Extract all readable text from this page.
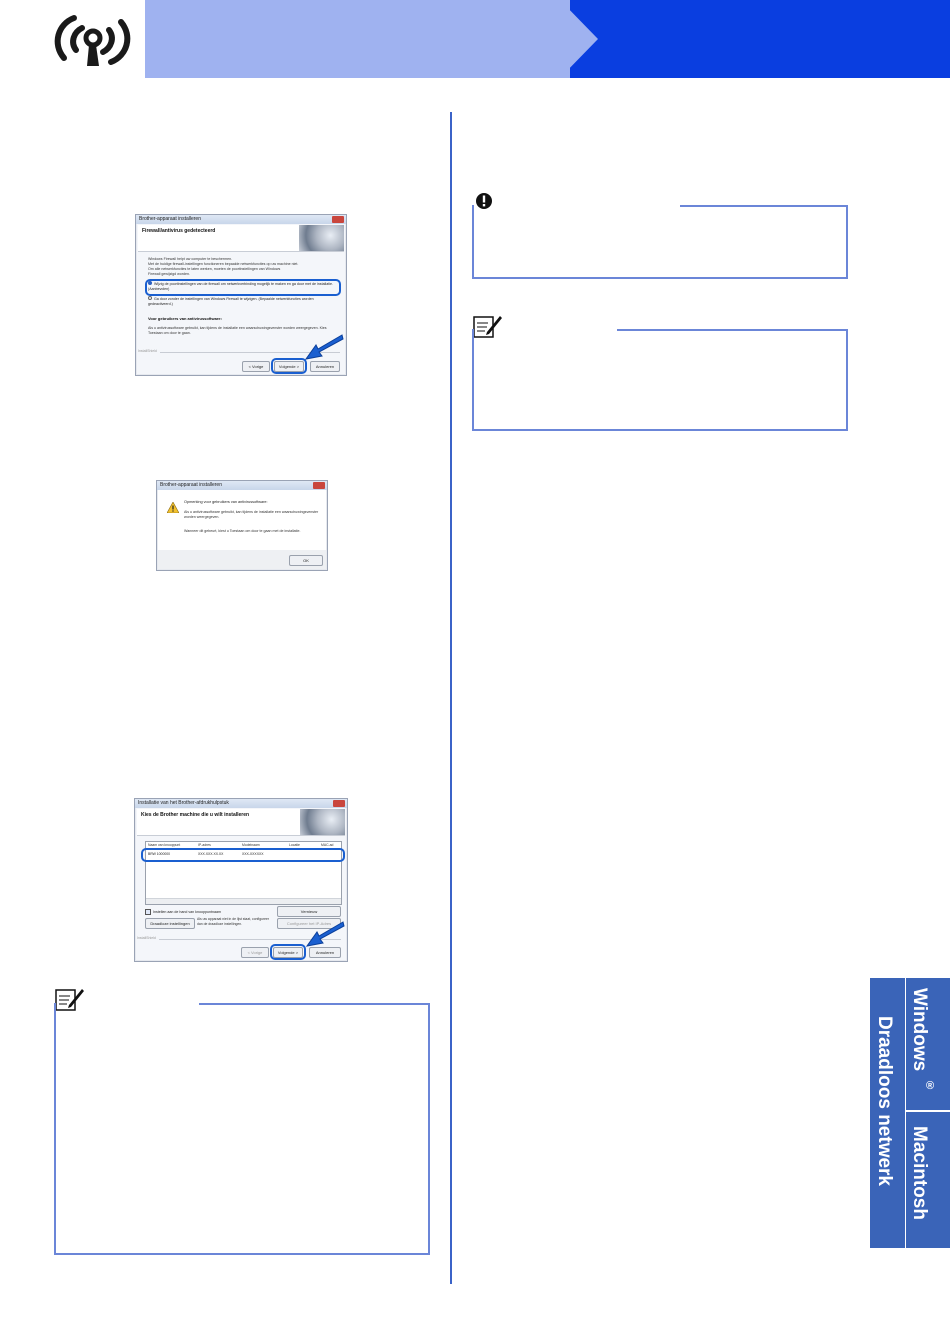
Brother-apparaat installeren
Firewall/antivirus gedetecteerd
Windows Firewall helpt uw computer te beschermen.
Met de huidige firewall-instellingen functioneren bepaalde netwerkfuncties op uw machine niet.
Om alle netwerkfuncties te laten werken, moeten de poortinstellingen van Windows
Firewall gewijzigd worden.
Wijzig de poortinstellingen van de firewall om netwerkverbinding mogelijk te maken en ga door met de installatie. (Aanbevolen)
Ga door zonder de instellingen van Windows Firewall te wijzigen. (Bepaalde netwerkfuncties worden gedeactiveerd.)
Voor gebruikers van antivirussoftware:
Als u antivirussoftware gebruikt, kan tijdens de installatie een waarschuwingsvenster worden weergegeven. Kies Toestaan om door te gaan.
InstallShield
< Vorige	Volgende >	Annuleren
Brother-apparaat installeren
Opmerking voor gebruikers van antivirussoftware:
Als u antivirussoftware gebruikt, kan tijdens de installatie een waarschuwingsvenster worden weergegeven.
Wanneer dit gebeurt, kiest u Toestaan om door te gaan met de installatie.
OK
Installatie van het Brother-afdrukhulpstuk
Kies de Brother machine die u wilt installeren
Naam van knooppunt	IP-adres	Modelnaam	Locatie	MAC-ad
BRW 1000000	XXX.XXX.XX.XX	XXX-XXXXXX
Instellen aan de hand van knooppuntnaam
Draadloze instellingen
Als uw apparaat niet in de lijst staat, configureer dan de draadloze instellingen.
Vernieuw
Configureer het IP-Adres
InstallShield
< Vorige	Volgende >	Annuleren
Draadloos netwerk Windows
®
Macintosh
